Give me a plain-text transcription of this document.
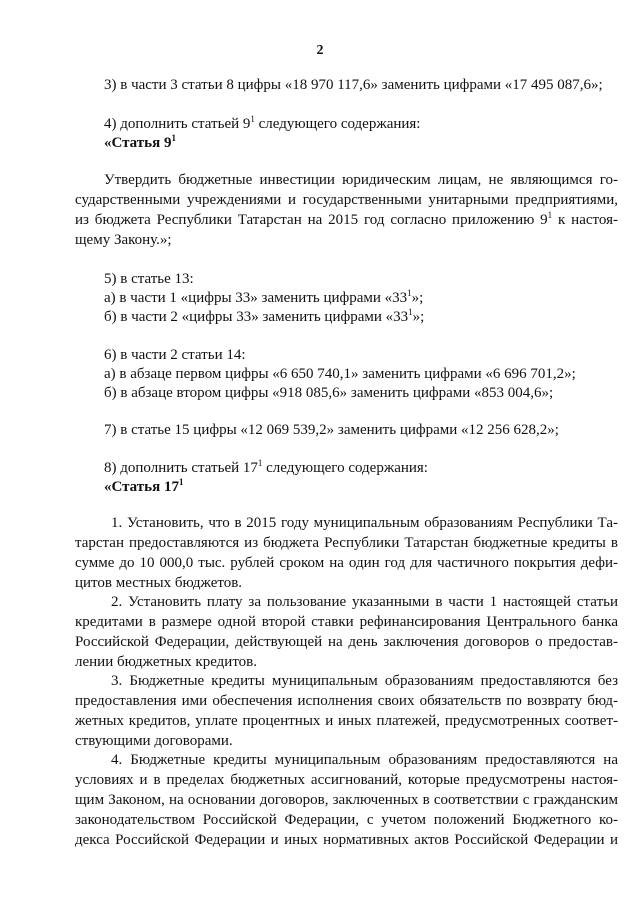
2
3) в части 3 статьи 8 цифры «18 970 117,6» заменить цифрами «17 495 087,6»;
4) дополнить статьей $9^1$ следующего содержания:
«Статья $9^1$
Утвердить бюджетные инвестиции юридическим лицам, не являющимся го-
сударственными учреждениями и государственными унитарными предприятиями,
из бюджета Республики Татарстан на 2015 год согласно приложению $9^1$ к настоя-
щему Закону.»;
5) в статье 13:
а) в части 1 «цифры 33» заменить цифрами «$33^1$»;
б) в части 2 «цифры 33» заменить цифрами «$33^1$»;
6) в части 2 статьи 14:
а) в абзаце первом цифры «6 650 740,1» заменить цифрами «6 696 701,2»;
б) в абзаце втором цифры «918 085,6» заменить цифрами «853 004,6»;
7) в статье 15 цифры «12 069 539,2» заменить цифрами «12 256 628,2»;
8) дополнить статьей $17^1$ следующего содержания:
«Статья $17^1$
1. Установить, что в 2015 году муниципальным образованиям Республики Та-
тарстан предоставляются из бюджета Республики Татарстан бюджетные кредиты в
сумме до 10 000,0 тыс. рублей сроком на один год для частичного покрытия дефи-
цитов местных бюджетов.
2. Установить плату за пользование указанными в части 1 настоящей статьи
кредитами в размере одной второй ставки рефинансирования Центрального банка
Российской Федерации, действующей на день заключения договоров о предостав-
лении бюджетных кредитов.
3. Бюджетные кредиты муниципальным образованиям предоставляются без
предоставления ими обеспечения исполнения своих обязательств по возврату бюд-
жетных кредитов, уплате процентных и иных платежей, предусмотренных соответ-
ствующими договорами.
4. Бюджетные кредиты муниципальным образованиям предоставляются на
условиях и в пределах бюджетных ассигнований, которые предусмотрены настоя-
щим Законом, на основании договоров, заключенных в соответствии с гражданским
законодательством Российской Федерации, с учетом положений Бюджетного ко-
декса Российской Федерации и иных нормативных актов Российской Федерации и
